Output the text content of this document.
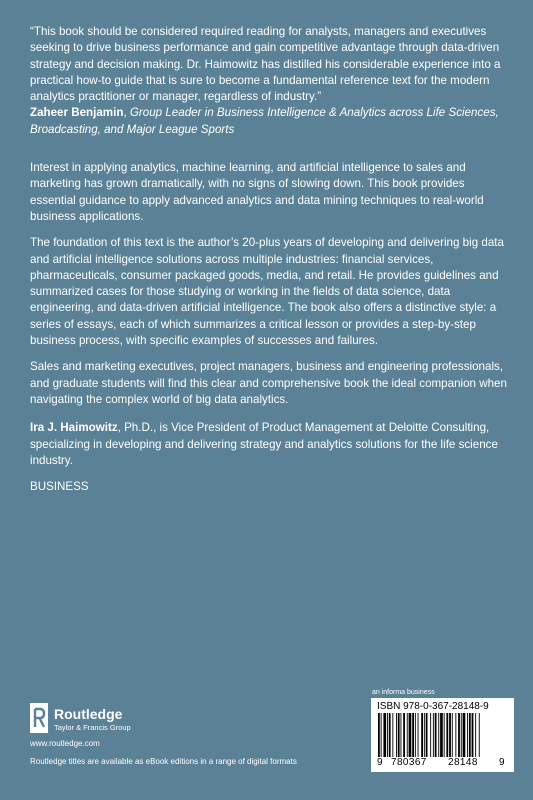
“This book should be considered required reading for analysts, managers and executives seeking to drive business performance and gain competitive advantage through data-driven strategy and decision making. Dr. Haimowitz has distilled his considerable experience into a practical how-to guide that is sure to become a fundamental reference text for the modern analytics practitioner or manager, regardless of industry.”

Zaheer Benjamin, Group Leader in Business Intelligence & Analytics across Life Sciences, Broadcasting, and Major League Sports

Interest in applying analytics, machine learning, and artificial intelligence to sales and marketing has grown dramatically, with no signs of slowing down. This book provides essential guidance to apply advanced analytics and data mining techniques to real-world business applications.

The foundation of this text is the author’s 20-plus years of developing and delivering big data and artificial intelligence solutions across multiple industries: financial services, pharmaceuticals, consumer packaged goods, media, and retail. He provides guidelines and summarized cases for those studying or working in the fields of data science, data engineering, and data-driven artificial intelligence. The book also offers a distinctive style: a series of essays, each of which summarizes a critical lesson or provides a step-by-step business process, with specific examples of successes and failures.

Sales and marketing executives, project managers, business and engineering professionals, and graduate students will find this clear and comprehensive book the ideal companion when navigating the complex world of big data analytics.

Ira J. Haimowitz, Ph.D., is Vice President of Product Management at Deloitte Consulting, specializing in developing and delivering strategy and analytics solutions for the life science industry.

BUSINESS
Routledge
Taylor & Francis Group
www.routledge.com
Routledge titles are available as eBook editions in a range of digital formats
an informa business
ISBN 978-0-367-28148-9
9 780367 28148 9
